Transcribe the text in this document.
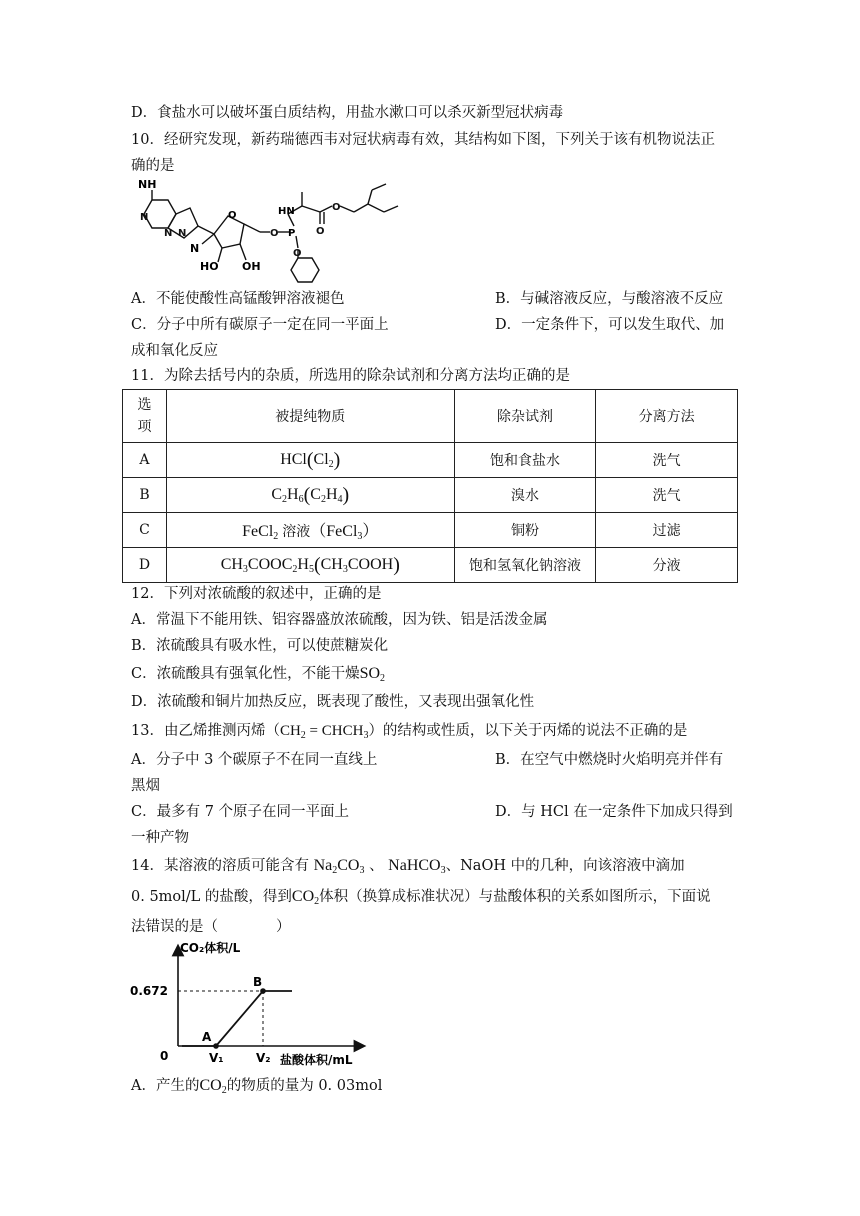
D．食盐水可以破坏蛋白质结构，用盐水漱口可以杀灭新型冠状病毒
10．经研究发现，新药瑞德西韦对冠状病毒有效，其结构如下图，下列关于该有机物说法正
确的是
NH
N
N
N
O
N
HO OH
O P
HN
O
O
O
A．不能使酸性高锰酸钾溶液褪色	B．与碱溶液反应，与酸溶液不反应
C．分子中所有碳原子一定在同一平面上	D．一定条件下，可以发生取代、加
成和氧化反应
11．为除去括号内的杂质，所选用的除杂试剂和分离方法均正确的是
选项	被提纯物质	除杂试剂	分离方法
A	$HCl(Cl_2)$	饱和食盐水	洗气
B	$C_2H_6(C_2H_4)$	溴水	洗气
C	FeCl$_2$ 溶液（FeCl$_3$）	铜粉	过滤
D	$CH_3COOC_2H_5(CH_3COOH)$	饱和氢氧化钠溶液	分液
12．下列对浓硫酸的叙述中，正确的是
A．常温下不能用铁、铝容器盛放浓硫酸，因为铁、铝是活泼金属
B．浓硫酸具有吸水性，可以使蔗糖炭化
C．浓硫酸具有强氧化性，不能干燥$SO_2$
D．浓硫酸和铜片加热反应，既表现了酸性，又表现出强氧化性
13．由乙烯推测丙烯（$CH_2$ = $CHCH_3$）的结构或性质，以下关于丙烯的说法不正确的是
A．分子中 3 个碳原子不在同一直线上	B．在空气中燃烧时火焰明亮并伴有
黑烟
C．最多有 7 个原子在同一平面上	D．与 HCl 在一定条件下加成只得到
一种产物
14．某溶液的溶质可能含有 $Na_2CO_3$ 、 NaHCO$_3$、NaOH 中的几种，向该溶液中滴加
0. 5mol/L 的盐酸，得到$CO_2$体积（换算成标准状况）与盐酸体积的关系如图所示，下面说
法错误的是（　　　　）
A
V₁
B
V₂
CO₂体积/L
盐酸体积/mL
0
0.672
A．产生的$CO_2$的物质的量为 0. 03mol
